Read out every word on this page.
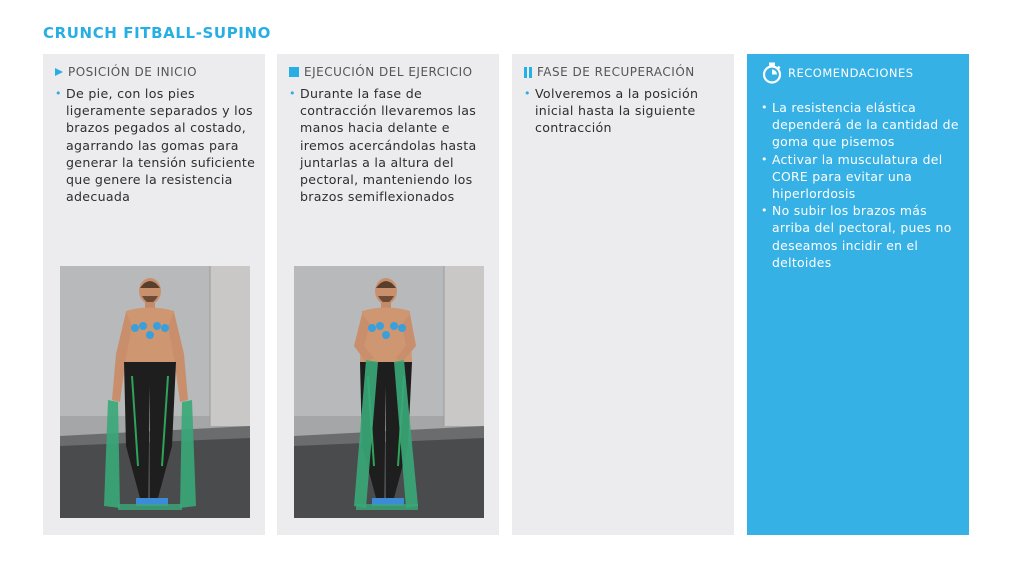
CRUNCH FITBALL-SUPINO
POSICIÓN DE INICIO
• De pie, con los pies ligeramente separados y los brazos pegados al costado, agarrando las gomas para generar la tensión suficiente que genere la resistencia adecuada
EJECUCIÓN DEL EJERCICIO
• Durante la fase de contracción llevaremos las manos hacia delante e iremos acercándolas hasta juntarlas a la altura del pectoral, manteniendo los brazos semiflexionados
FASE DE RECUPERACIÓN
• Volveremos a la posición inicial hasta la siguiente contracción
RECOMENDACIONES
• La resistencia elástica dependerá de la cantidad de goma que pisemos
• Activar la musculatura del CORE para evitar una hiperlordosis
• No subir los brazos más arriba del pectoral, pues no deseamos incidir en el deltoides
